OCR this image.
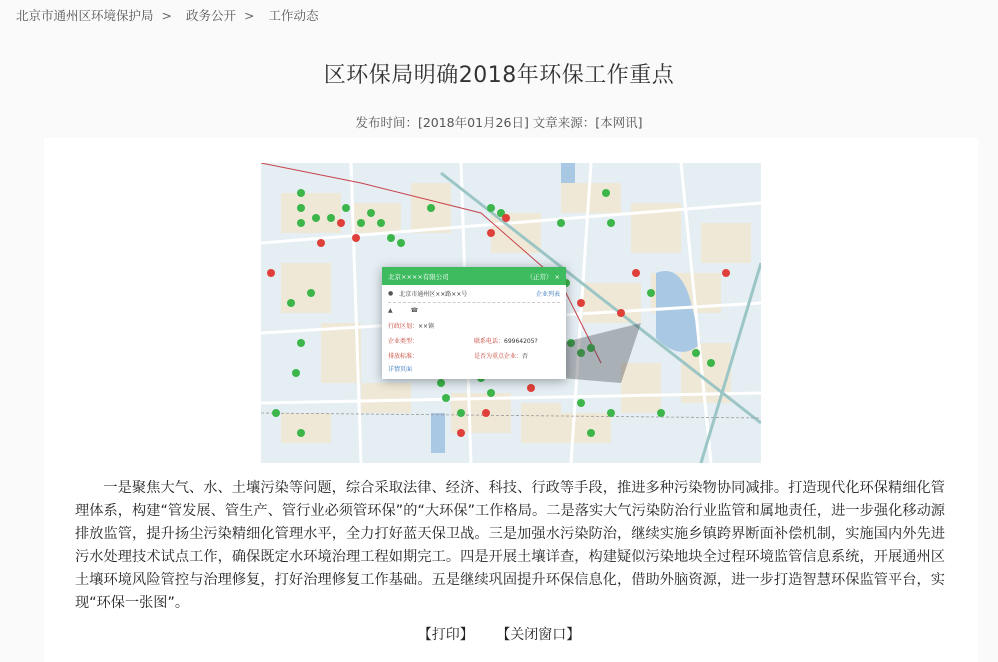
北京市通州区环境保护局 > 政务公开 > 工作动态
区环保局明确2018年环保工作重点
发布时间：[2018年01月26日] 文章来源：[本网讯]
北京××××有限公司	（正常） ×
● 北京市通州区××路××号	企业列表
▲	☎
行政区划：××镇
企业类型：	联系电话：69964205?
排放标准：	是否为重点企业：否
详情页面

一是聚焦大气、水、土壤污染等问题，综合采取法律、经济、科技、行政等手段，推进多种污染物协同减排。打造现代化环保精细化管理体系，构建“管发展、管生产、管行业必须管环保”的“大环保”工作格局。二是落实大气污染防治行业监管和属地责任，进一步强化移动源排放监管，提升扬尘污染精细化管理水平，全力打好蓝天保卫战。三是加强水污染防治，继续实施乡镇跨界断面补偿机制，实施国内外先进污水处理技术试点工作，确保既定水环境治理工程如期完工。四是开展土壤详查，构建疑似污染地块全过程环境监管信息系统，开展通州区土壤环境风险管控与治理修复，打好治理修复工作基础。五是继续巩固提升环保信息化，借助外脑资源，进一步打造智慧环保监管平台，实现“环保一张图”。

【打印】 【关闭窗口】
